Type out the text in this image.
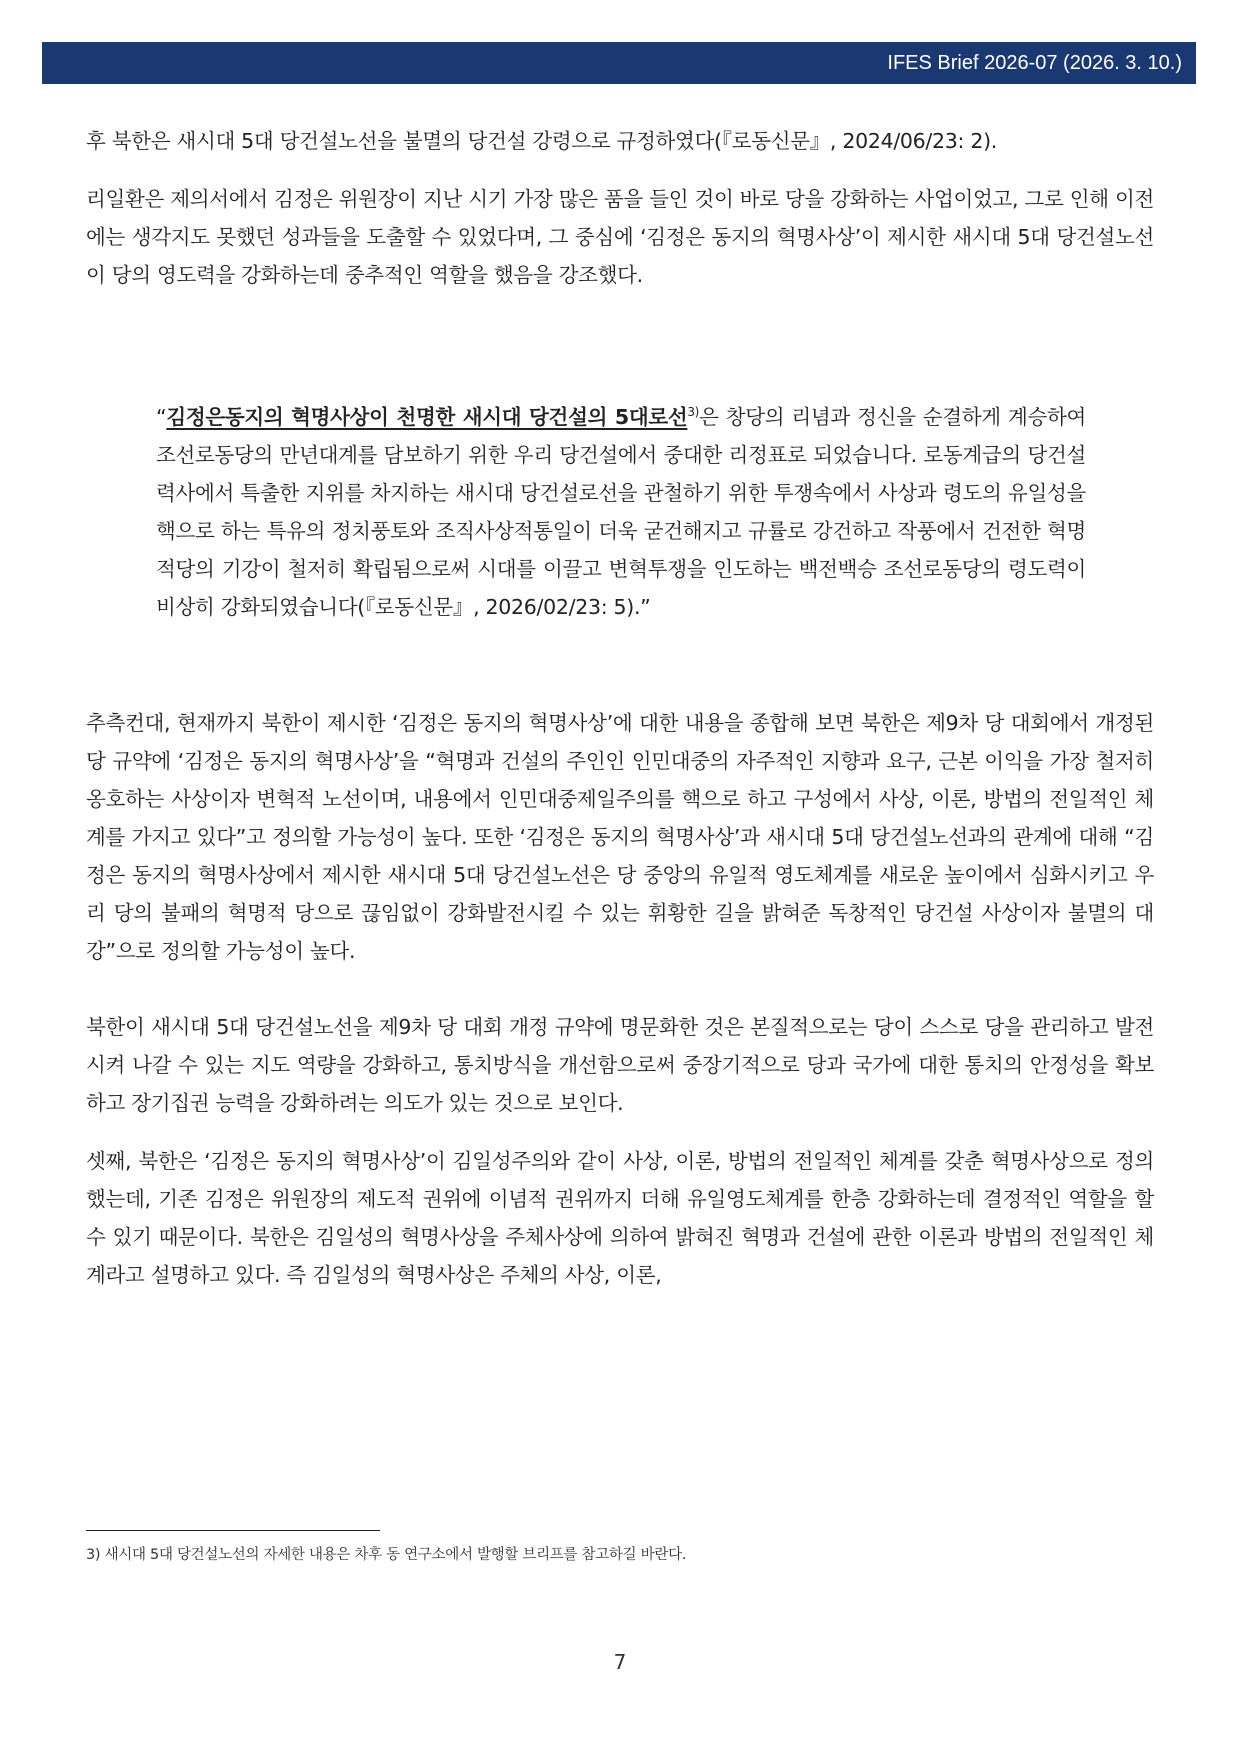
IFES Brief 2026-07 (2026. 3. 10.)

후 북한은 새시대 5대 당건설노선을 불멸의 당건설 강령으로 규정하였다(『로동신문』, 2024/06/23: 2).

리일환은 제의서에서 김정은 위원장이 지난 시기 가장 많은 품을 들인 것이 바로 당을 강화하는 사업이었고, 그로 인해 이전에는 생각지도 못했던 성과들을 도출할 수 있었다며, 그 중심에 ‘김정은 동지의 혁명사상’이 제시한 새시대 5대 당건설노선이 당의 영도력을 강화하는데 중추적인 역할을 했음을 강조했다.

“김정은동지의 혁명사상이 천명한 새시대 당건설의 5대로선$^{3)}$은 창당의 리념과 정신을 순결하게 계승하여 조선로동당의 만년대계를 담보하기 위한 우리 당건설에서 중대한 리정표로 되었습니다. 로동계급의 당건설력사에서 특출한 지위를 차지하는 새시대 당건설로선을 관철하기 위한 투쟁속에서 사상과 령도의 유일성을 핵으로 하는 특유의 정치풍토와 조직사상적통일이 더욱 굳건해지고 규률로 강건하고 작풍에서 건전한 혁명적당의 기강이 철저히 확립됨으로써 시대를 이끌고 변혁투쟁을 인도하는 백전백승 조선로동당의 령도력이 비상히 강화되였습니다(『로동신문』, 2026/02/23: 5).”

추측컨대, 현재까지 북한이 제시한 ‘김정은 동지의 혁명사상’에 대한 내용을 종합해 보면 북한은 제9차 당 대회에서 개정된 당 규약에 ‘김정은 동지의 혁명사상’을 “혁명과 건설의 주인인 인민대중의 자주적인 지향과 요구, 근본 이익을 가장 철저히 옹호하는 사상이자 변혁적 노선이며, 내용에서 인민대중제일주의를 핵으로 하고 구성에서 사상, 이론, 방법의 전일적인 체계를 가지고 있다”고 정의할 가능성이 높다. 또한 ‘김정은 동지의 혁명사상’과 새시대 5대 당건설노선과의 관계에 대해 “김정은 동지의 혁명사상에서 제시한 새시대 5대 당건설노선은 당 중앙의 유일적 영도체계를 새로운 높이에서 심화시키고 우리 당의 불패의 혁명적 당으로 끊임없이 강화발전시킬 수 있는 휘황한 길을 밝혀준 독창적인 당건설 사상이자 불멸의 대강”으로 정의할 가능성이 높다.

북한이 새시대 5대 당건설노선을 제9차 당 대회 개정 규약에 명문화한 것은 본질적으로는 당이 스스로 당을 관리하고 발전시켜 나갈 수 있는 지도 역량을 강화하고, 통치방식을 개선함으로써 중장기적으로 당과 국가에 대한 통치의 안정성을 확보하고 장기집권 능력을 강화하려는 의도가 있는 것으로 보인다.

셋째, 북한은 ‘김정은 동지의 혁명사상’이 김일성주의와 같이 사상, 이론, 방법의 전일적인 체계를 갖춘 혁명사상으로 정의했는데, 기존 김정은 위원장의 제도적 권위에 이념적 권위까지 더해 유일영도체계를 한층 강화하는데 결정적인 역할을 할 수 있기 때문이다. 북한은 김일성의 혁명사상을 주체사상에 의하여 밝혀진 혁명과 건설에 관한 이론과 방법의 전일적인 체계라고 설명하고 있다. 즉 김일성의 혁명사상은 주체의 사상, 이론,

3) 새시대 5대 당건설노선의 자세한 내용은 차후 동 연구소에서 발행할 브리프를 참고하길 바란다.

7
